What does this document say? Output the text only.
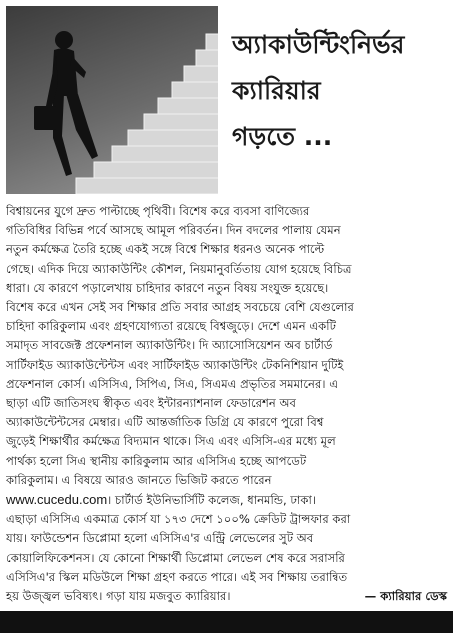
অ্যাকাউন্টিংনির্ভর
ক্যারিয়ার
গড়তে ...
বিশ্বায়নের যুগে দ্রুত পাল্টাচ্ছে পৃথিবী। বিশেষ করে ব্যবসা বাণিজ্যের
গতিবিধির বিভিন্ন পর্বে আসছে আমূল পরিবর্তন। দিন বদলের পালায় যেমন
নতুন কর্মক্ষেত্র তৈরি হচ্ছে একই সঙ্গে বিশ্বে শিক্ষার ধরনও অনেক পাল্টে
গেছে। এদিক দিয়ে অ্যাকাউন্টিং কৌশল, নিয়মানুবর্তিতায় যোগ হয়েছে বিচিত্র
ধারা। যে কারণে পড়ালেখায় চাহিদার কারণে নতুন বিষয় সংযুক্ত হয়েছে।
বিশেষ করে এখন সেই সব শিক্ষার প্রতি সবার আগ্রহ সবচেয়ে বেশি যেগুলোর
চাহিদা কারিকুলাম এবং গ্রহণযোগ্যতা রয়েছে বিশ্বজুড়ে। দেশে এমন একটি
সমাদৃত সাবজেক্ট প্রফেশনাল অ্যাকাউন্টিং। দি অ্যাসোসিয়েশন অব চার্টার্ড
সার্টিফাইড অ্যাকাউন্টেন্টস এবং সার্টিফাইড অ্যাকাউন্টিং টেকনিশিয়ান দুটিই
প্রফেশনাল কোর্স। এসিসিএ, সিপিএ, সিএ, সিএমএ প্রভৃতির সমমানের। এ
ছাড়া এটি জাতিসংঘ স্বীকৃত এবং ইন্টারন্যাশনাল ফেডারেশন অব
অ্যাকাউন্টেন্টসের মেম্বার। এটি আন্তর্জাতিক ডিগ্রি যে কারণে পুরো বিশ্ব
জুড়েই শিক্ষার্থীর কর্মক্ষেত্র বিদ্যমান থাকে। সিএ এবং এসিসি-এর মধ্যে মূল
পার্থক্য হলো সিএ স্থানীয় কারিকুলাম আর এসিসিএ হচ্ছে আপডেট
কারিকুলাম। এ বিষয়ে আরও জানতে ভিজিট করতে পারেন
www.cucedu.com। চার্টার্ড ইউনিভার্সিটি কলেজ, ধানমন্ডি, ঢাকা।
এছাড়া এসিসিএ একমাত্র কোর্স যা ১৭৩ দেশে ১০০% ক্রেডিট ট্রান্সফার করা
যায়। ফাউন্ডেশন ডিপ্লোমা হলো এসিসিএ'র এন্ট্রি লেভেলের সুট অব
কোয়ালিফিকেশনস। যে কোনো শিক্ষার্থী ডিপ্লোমা লেভেল শেষ করে সরাসরি
এসিসিএ'র স্কিল মডিউলে শিক্ষা গ্রহণ করতে পারে। এই সব শিক্ষায় তরান্বিত
হয় উজ্জ্বল ভবিষ্যৎ। গড়া যায় মজবুত ক্যারিয়ার।	— ক্যারিয়ার ডেস্ক
